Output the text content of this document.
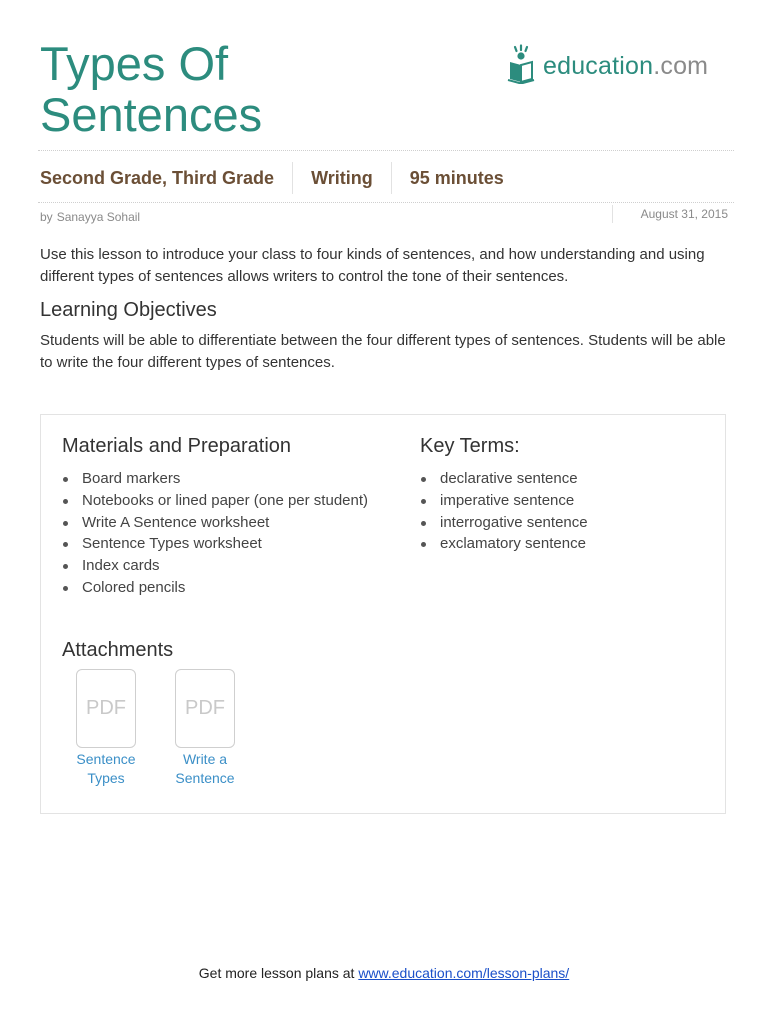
Types Of
Sentences
education.com
Second Grade, Third Grade Writing 95 minutes
by Sanayya Sohail	August 31, 2015

Use this lesson to introduce your class to four kinds of sentences, and how understanding and using different types of sentences allows writers to control the tone of their sentences.

Learning Objectives

Students will be able to differentiate between the four different types of sentences. Students will be able to write the four different types of sentences.

Materials and Preparation
Board markers
Notebooks or lined paper (one per student)
Write A Sentence worksheet
Sentence Types worksheet
Index cards
Colored pencils
Key Terms:
declarative sentence
imperative sentence
interrogative sentence
exclamatory sentence
Attachments
PDF
Sentence
Types
PDF
Write a
Sentence
Get more lesson plans at www.education.com/lesson-plans/
